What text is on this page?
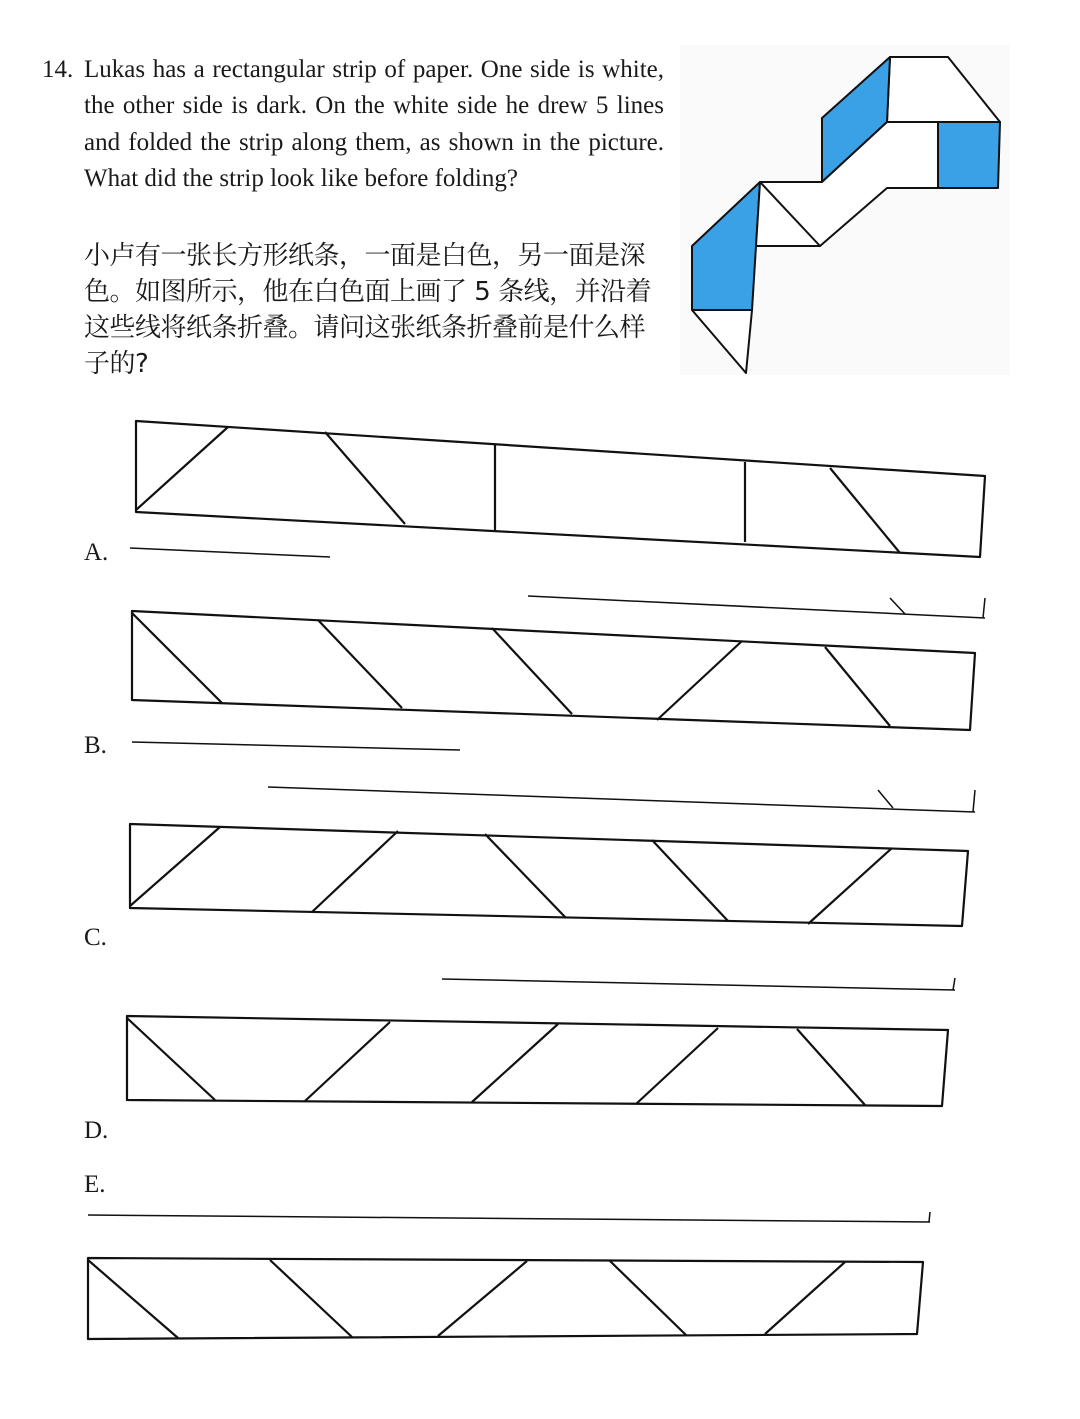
14. Lukas has a rectangular strip of paper. One side is white, the other side is dark. On the white side he drew 5 lines and folded the strip along them, as shown in the picture. What did the strip look like before folding?
小卢有一张长方形纸条，一面是白色，另一面是深色。如图所示，他在白色面上画了 5 条线，并沿着这些线将纸条折叠。请问这张纸条折叠前是什么样子的?
A.
B.
C.
D.
E.
